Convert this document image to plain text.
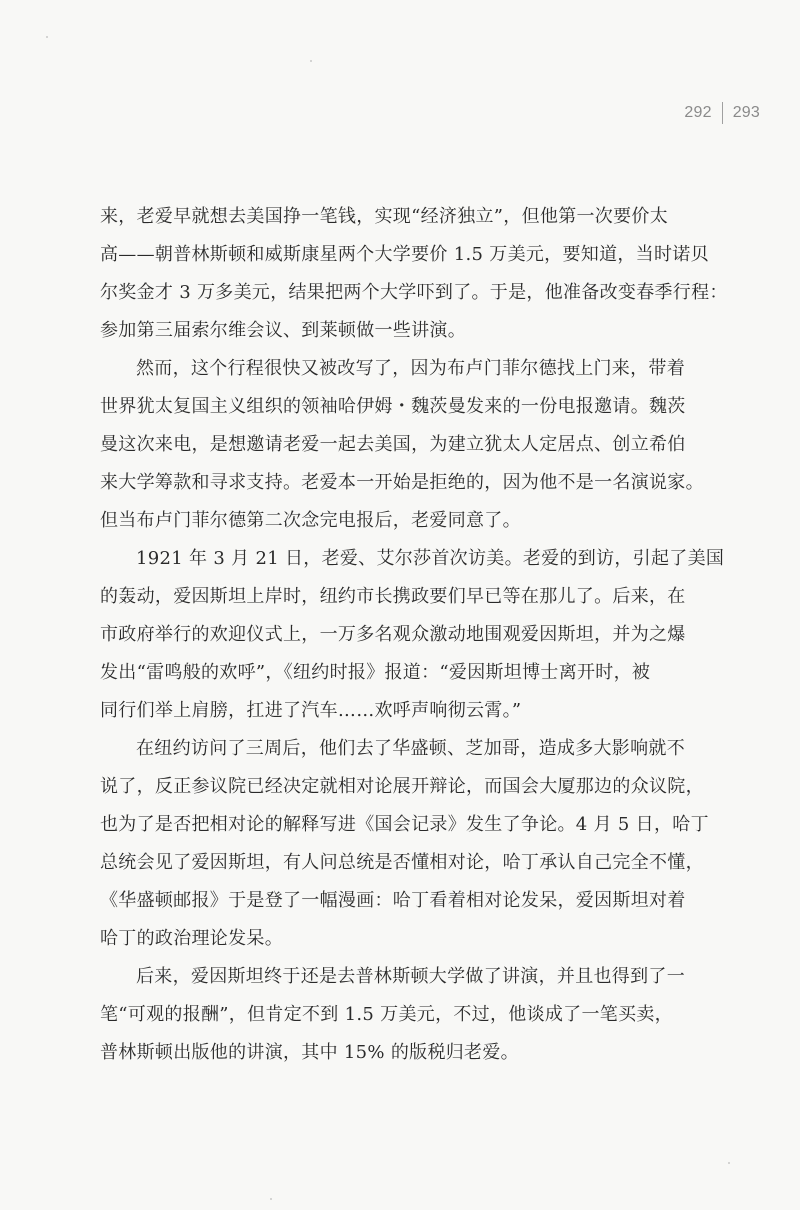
292 293

来，老爱早就想去美国挣一笔钱，实现“经济独立”，但他第一次要价太
高——朝普林斯顿和威斯康星两个大学要价 1.5 万美元，要知道，当时诺贝
尔奖金才 3 万多美元，结果把两个大学吓到了。于是，他准备改变春季行程：
参加第三届索尔维会议、到莱顿做一些讲演。

然而，这个行程很快又被改写了，因为布卢门菲尔德找上门来，带着
世界犹太复国主义组织的领袖哈伊姆・魏茨曼发来的一份电报邀请。魏茨
曼这次来电，是想邀请老爱一起去美国，为建立犹太人定居点、创立希伯
来大学筹款和寻求支持。老爱本一开始是拒绝的，因为他不是一名演说家。
但当布卢门菲尔德第二次念完电报后，老爱同意了。

1921 年 3 月 21 日，老爱、艾尔莎首次访美。老爱的到访，引起了美国
的轰动，爱因斯坦上岸时，纽约市长携政要们早已等在那儿了。后来，在
市政府举行的欢迎仪式上，一万多名观众激动地围观爱因斯坦，并为之爆
发出“雷鸣般的欢呼”，《纽约时报》报道：“爱因斯坦博士离开时，被
同行们举上肩膀，扛进了汽车……欢呼声响彻云霄。”

在纽约访问了三周后，他们去了华盛顿、芝加哥，造成多大影响就不
说了，反正参议院已经决定就相对论展开辩论，而国会大厦那边的众议院，
也为了是否把相对论的解释写进《国会记录》发生了争论。4 月 5 日，哈丁
总统会见了爱因斯坦，有人问总统是否懂相对论，哈丁承认自己完全不懂，
《华盛顿邮报》于是登了一幅漫画：哈丁看着相对论发呆，爱因斯坦对着
哈丁的政治理论发呆。

后来，爱因斯坦终于还是去普林斯顿大学做了讲演，并且也得到了一
笔“可观的报酬”，但肯定不到 1.5 万美元，不过，他谈成了一笔买卖，
普林斯顿出版他的讲演，其中 15% 的版税归老爱。
